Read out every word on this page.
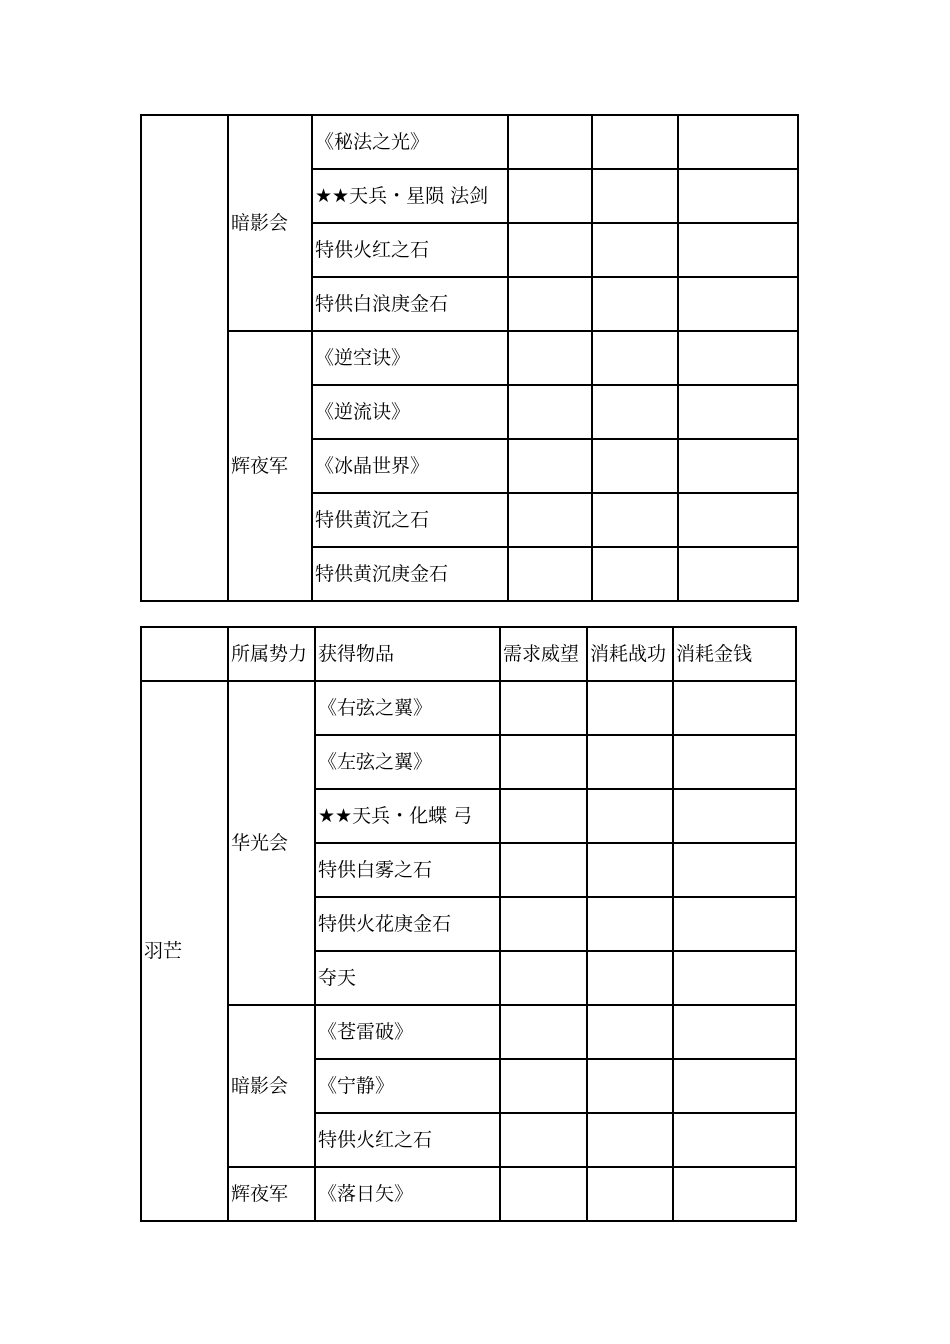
	暗影会	《秘法之光》			
		★★天兵・星陨 法剑			
		特供火红之石			
		特供白浪庚金石			
	辉夜军	《逆空诀》			
		《逆流诀》			
		《冰晶世界》			
		特供黄沉之石			
		特供黄沉庚金石			
	所属势力	获得物品	需求威望	消耗战功	消耗金钱
羽芒	华光会	《右弦之翼》			
		《左弦之翼》			
		★★天兵・化蝶 弓			
		特供白雾之石			
		特供火花庚金石			
		夺天			
	暗影会	《苍雷破》			
		《宁静》			
		特供火红之石			
	辉夜军	《落日矢》			
